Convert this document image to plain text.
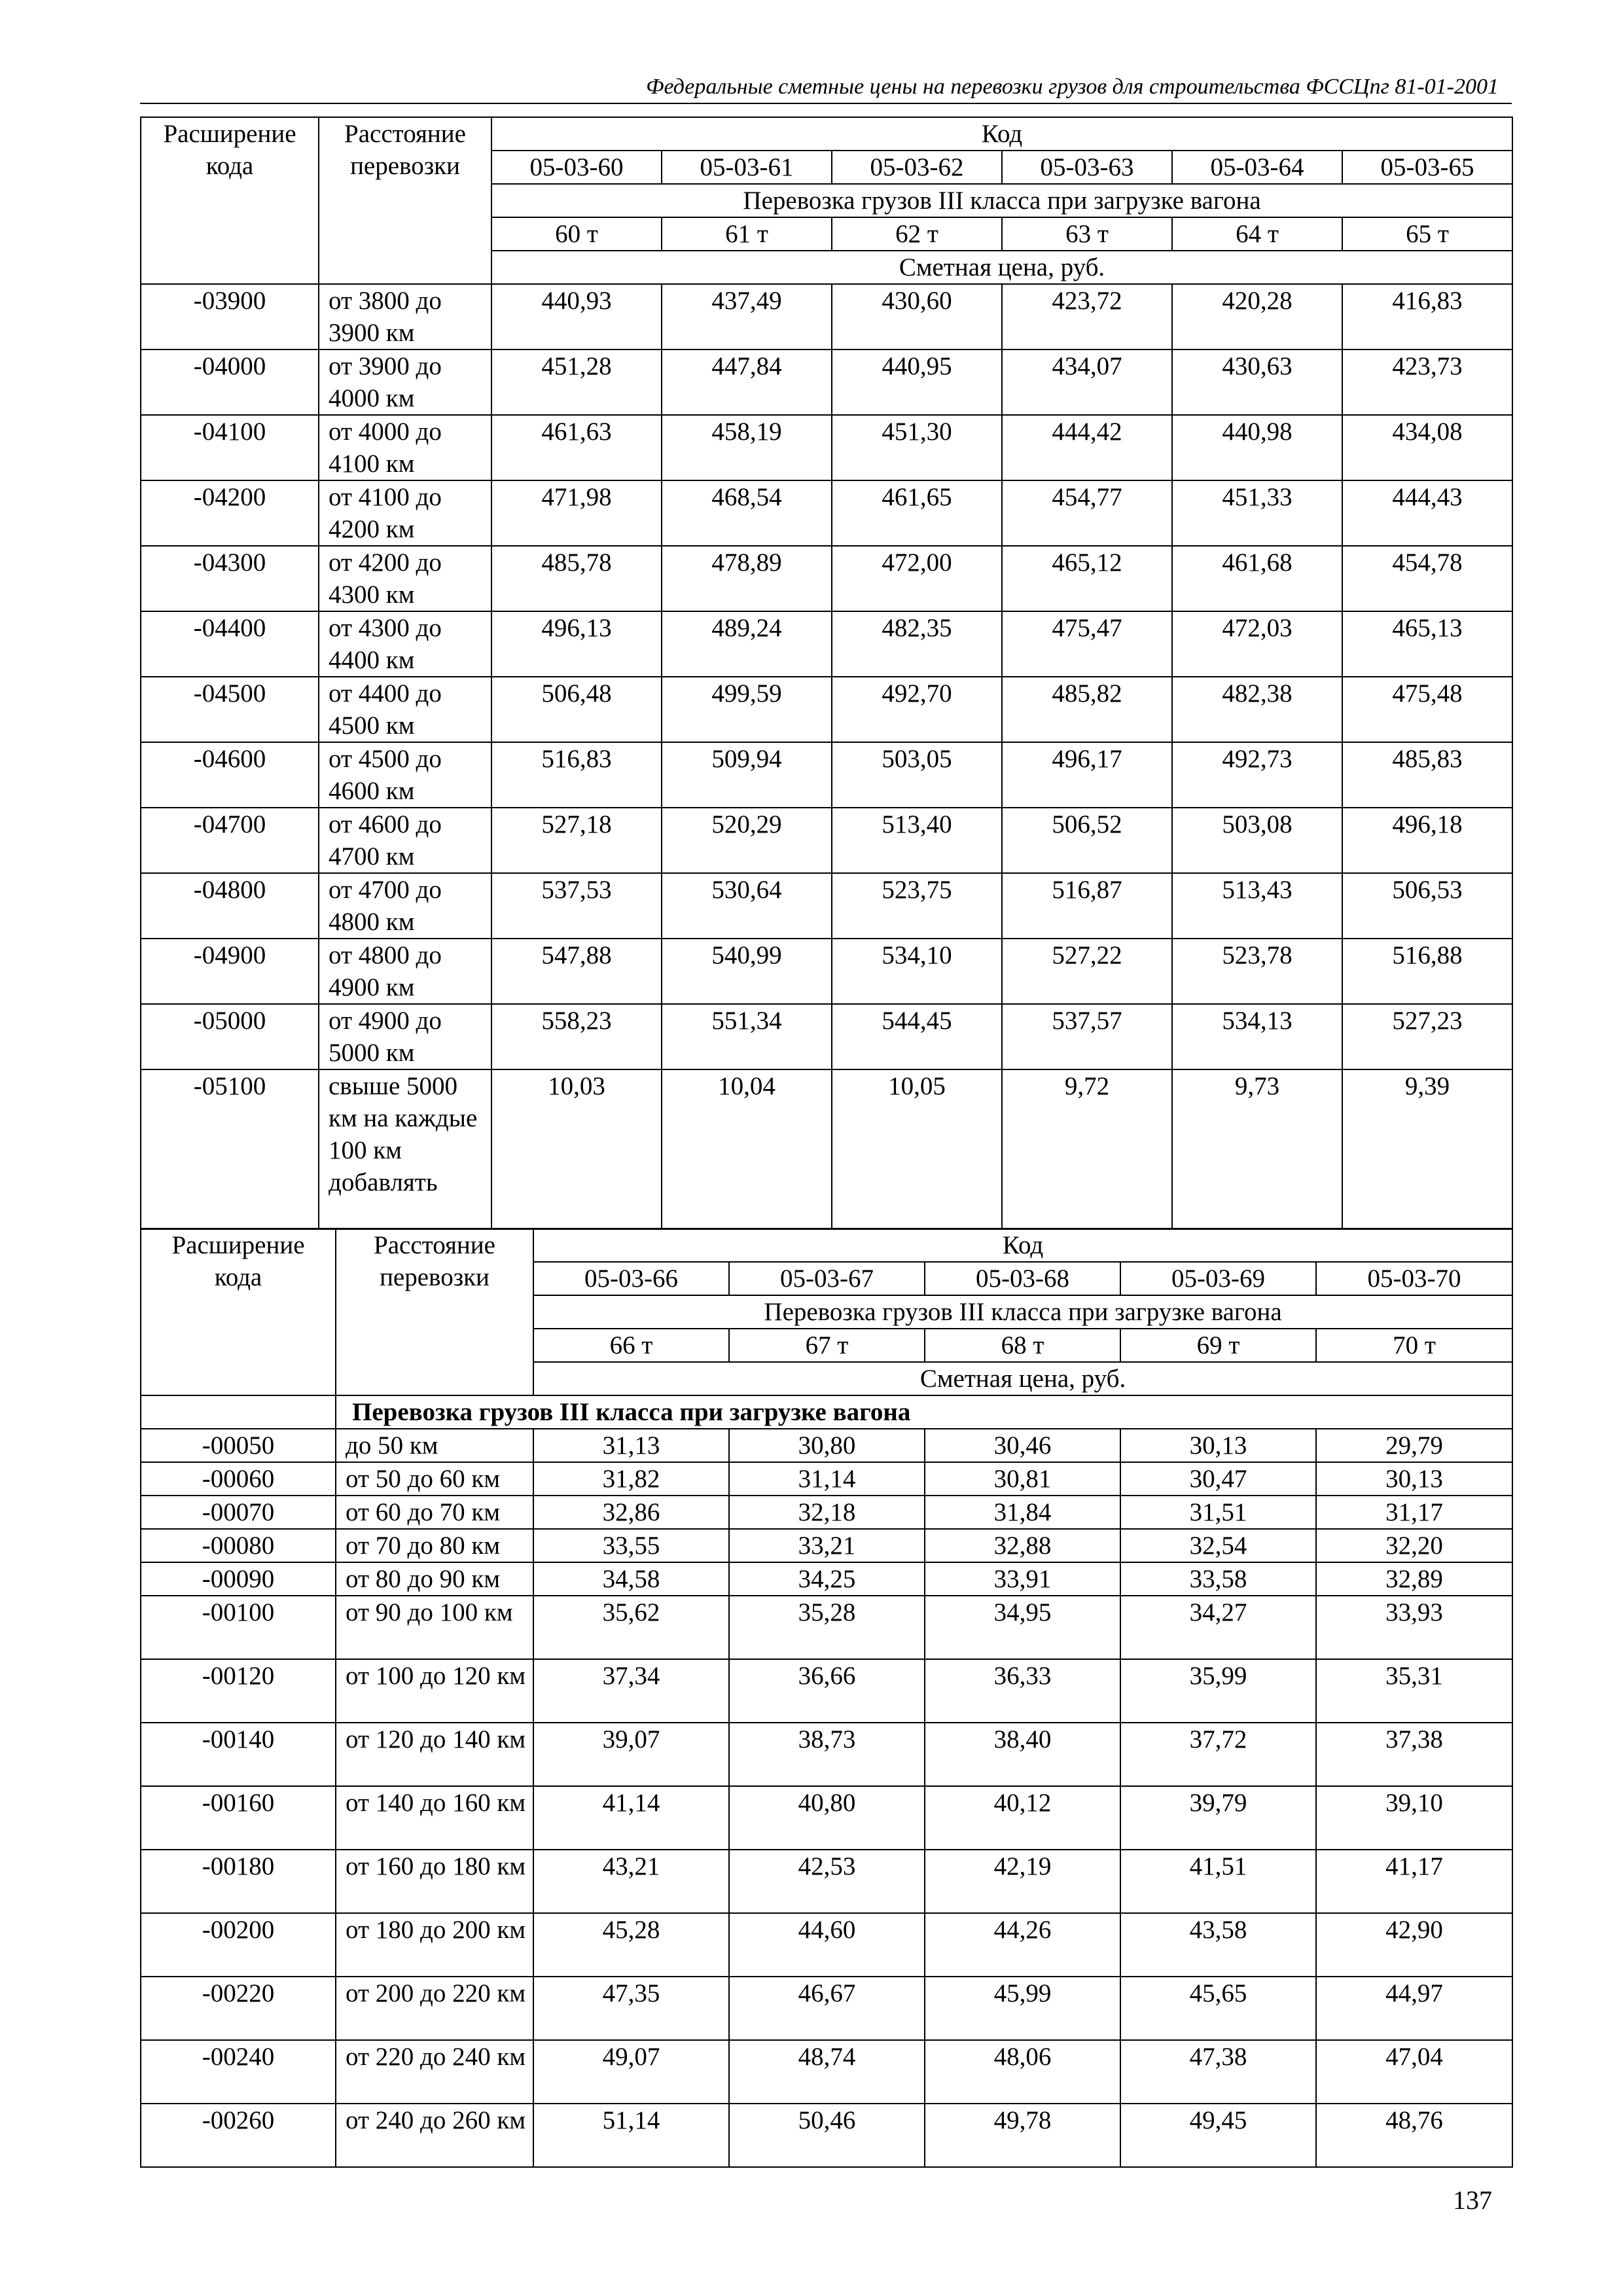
Федеральные сметные цены на перевозки грузов для строительства ФССЦпг 81-01-2001
Расширение кода	Расстояние перевозки	Код					
		05-03-60	05-03-61	05-03-62	05-03-63	05-03-64	05-03-65
		Перевозка грузов III класса при загрузке вагона					
		60 т	61 т	62 т	63 т	64 т	65 т
		Сметная цена, руб.					
-03900	от 3800 до 3900 км	440,93	437,49	430,60	423,72	420,28	416,83
-04000	от 3900 до 4000 км	451,28	447,84	440,95	434,07	430,63	423,73
-04100	от 4000 до 4100 км	461,63	458,19	451,30	444,42	440,98	434,08
-04200	от 4100 до 4200 км	471,98	468,54	461,65	454,77	451,33	444,43
-04300	от 4200 до 4300 км	485,78	478,89	472,00	465,12	461,68	454,78
-04400	от 4300 до 4400 км	496,13	489,24	482,35	475,47	472,03	465,13
-04500	от 4400 до 4500 км	506,48	499,59	492,70	485,82	482,38	475,48
-04600	от 4500 до 4600 км	516,83	509,94	503,05	496,17	492,73	485,83
-04700	от 4600 до 4700 км	527,18	520,29	513,40	506,52	503,08	496,18
-04800	от 4700 до 4800 км	537,53	530,64	523,75	516,87	513,43	506,53
-04900	от 4800 до 4900 км	547,88	540,99	534,10	527,22	523,78	516,88
-05000	от 4900 до 5000 км	558,23	551,34	544,45	537,57	534,13	527,23
-05100	свыше 5000 км на каждые 100 км добавлять	10,03	10,04	10,05	9,72	9,73	9,39
Расширение кода	Расстояние перевозки	Код				
		05-03-66	05-03-67	05-03-68	05-03-69	05-03-70
		Перевозка грузов III класса при загрузке вагона				
		66 т	67 т	68 т	69 т	70 т
		Сметная цена, руб.				
	Перевозка грузов III класса при загрузке вагона					
-00050	до 50 км	31,13	30,80	30,46	30,13	29,79
-00060	от 50 до 60 км	31,82	31,14	30,81	30,47	30,13
-00070	от 60 до 70 км	32,86	32,18	31,84	31,51	31,17
-00080	от 70 до 80 км	33,55	33,21	32,88	32,54	32,20
-00090	от 80 до 90 км	34,58	34,25	33,91	33,58	32,89
-00100	от 90 до 100 км	35,62	35,28	34,95	34,27	33,93
-00120	от 100 до 120 км	37,34	36,66	36,33	35,99	35,31
-00140	от 120 до 140 км	39,07	38,73	38,40	37,72	37,38
-00160	от 140 до 160 км	41,14	40,80	40,12	39,79	39,10
-00180	от 160 до 180 км	43,21	42,53	42,19	41,51	41,17
-00200	от 180 до 200 км	45,28	44,60	44,26	43,58	42,90
-00220	от 200 до 220 км	47,35	46,67	45,99	45,65	44,97
-00240	от 220 до 240 км	49,07	48,74	48,06	47,38	47,04
-00260	от 240 до 260 км	51,14	50,46	49,78	49,45	48,76
137
